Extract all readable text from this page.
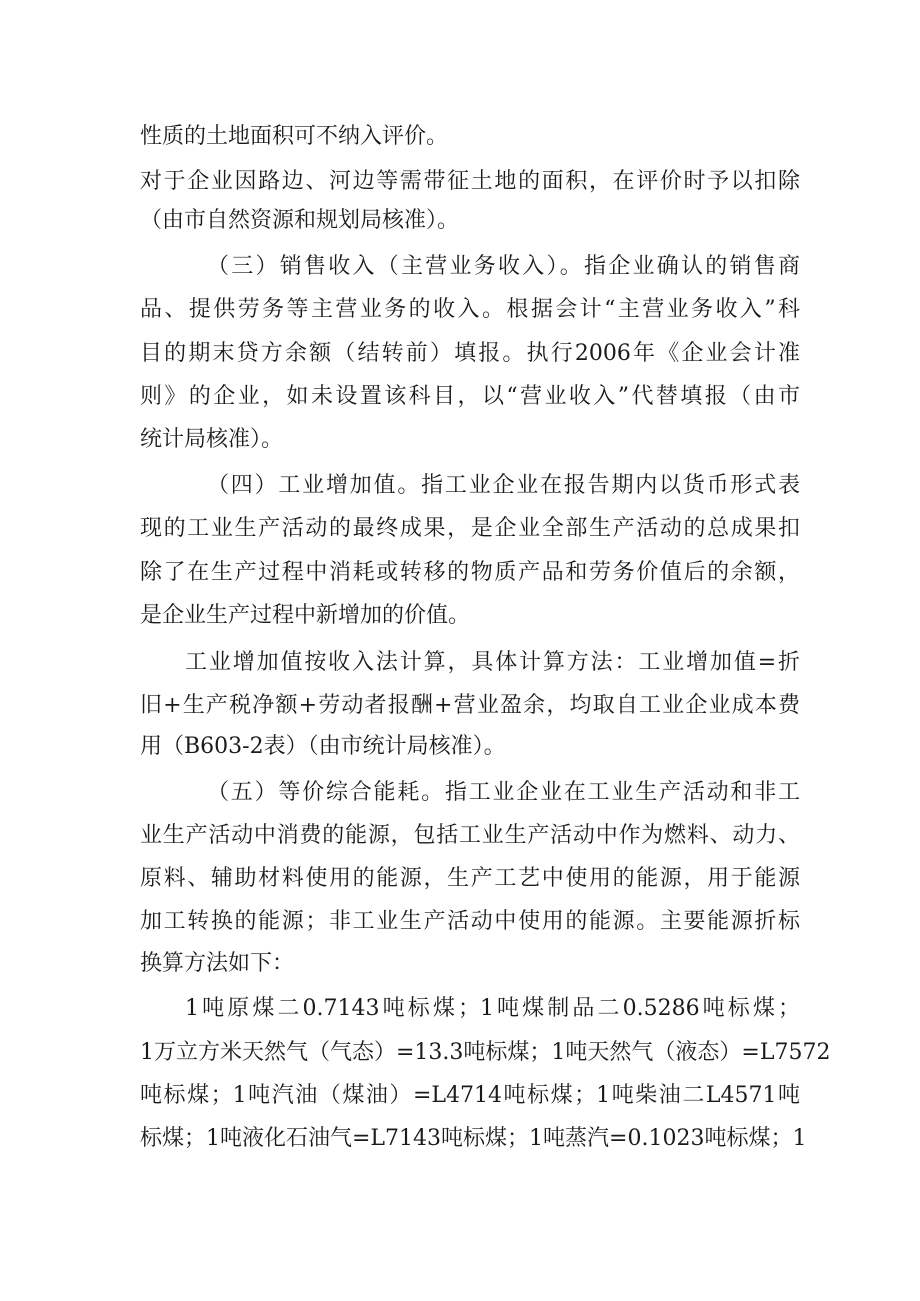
性质的土地面积可不纳入评价。
对于企业因路边、河边等需带征土地的面积，在评价时予以扣除
（由市自然资源和规划局核准）。
（三）销售收入（主营业务收入）。指企业确认的销售商
品、提供劳务等主营业务的收入。根据会计“主营业务收入”科
目的期末贷方余额（结转前）填报。执行2006年《企业会计准
则》的企业，如未设置该科目，以“营业收入”代替填报（由市
统计局核准）。
（四）工业增加值。指工业企业在报告期内以货币形式表
现的工业生产活动的最终成果，是企业全部生产活动的总成果扣
除了在生产过程中消耗或转移的物质产品和劳务价值后的余额，
是企业生产过程中新增加的价值。
工业增加值按收入法计算，具体计算方法：工业增加值=折
旧+生产税净额+劳动者报酬+营业盈余，均取自工业企业成本费
用（B603-2表）（由市统计局核准）。
（五）等价综合能耗。指工业企业在工业生产活动和非工
业生产活动中消费的能源，包括工业生产活动中作为燃料、动力、
原料、辅助材料使用的能源，生产工艺中使用的能源，用于能源
加工转换的能源；非工业生产活动中使用的能源。主要能源折标
换算方法如下：
1吨原煤二0.7143吨标煤；1吨煤制品二0.5286吨标煤；
1万立方米天然气（气态）=13.3吨标煤；1吨天然气（液态）=L7572
吨标煤；1吨汽油（煤油）=L4714吨标煤；1吨柴油二L4571吨
标煤；1吨液化石油气=L7143吨标煤；1吨蒸汽=0.1023吨标煤；1
